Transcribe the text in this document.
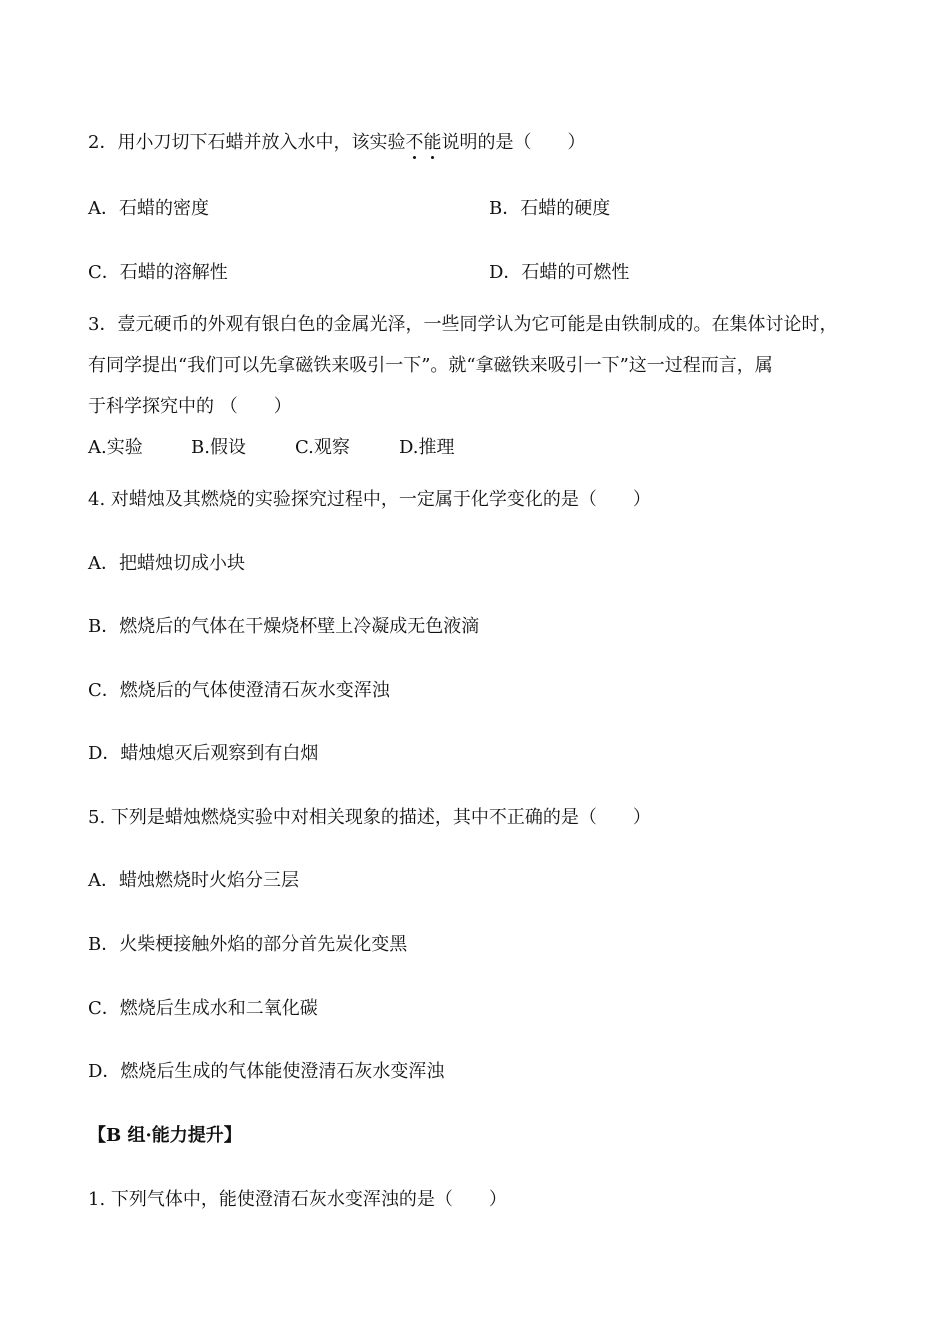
2．用小刀切下石蜡并放入水中，该实验不能说明的是（　　）
A．石蜡的密度	B．石蜡的硬度
C．石蜡的溶解性	D．石蜡的可燃性
3．壹元硬币的外观有银白色的金属光泽，一些同学认为它可能是由铁制成的。在集体讨论时，
有同学提出“我们可以先拿磁铁来吸引一下”。就“拿磁铁来吸引一下”这一过程而言，属
于科学探究中的 （　　）
A.实验	B.假设	C.观察	D.推理
4. 对蜡烛及其燃烧的实验探究过程中，一定属于化学变化的是（　　）
A．把蜡烛切成小块
B．燃烧后的气体在干燥烧杯壁上冷凝成无色液滴
C．燃烧后的气体使澄清石灰水变浑浊
D．蜡烛熄灭后观察到有白烟
5. 下列是蜡烛燃烧实验中对相关现象的描述，其中不正确的是（　　）
A．蜡烛燃烧时火焰分三层
B．火柴梗接触外焰的部分首先炭化变黑
C．燃烧后生成水和二氧化碳
D．燃烧后生成的气体能使澄清石灰水变浑浊
【B 组·能力提升】
1. 下列气体中，能使澄清石灰水变浑浊的是（　　）
